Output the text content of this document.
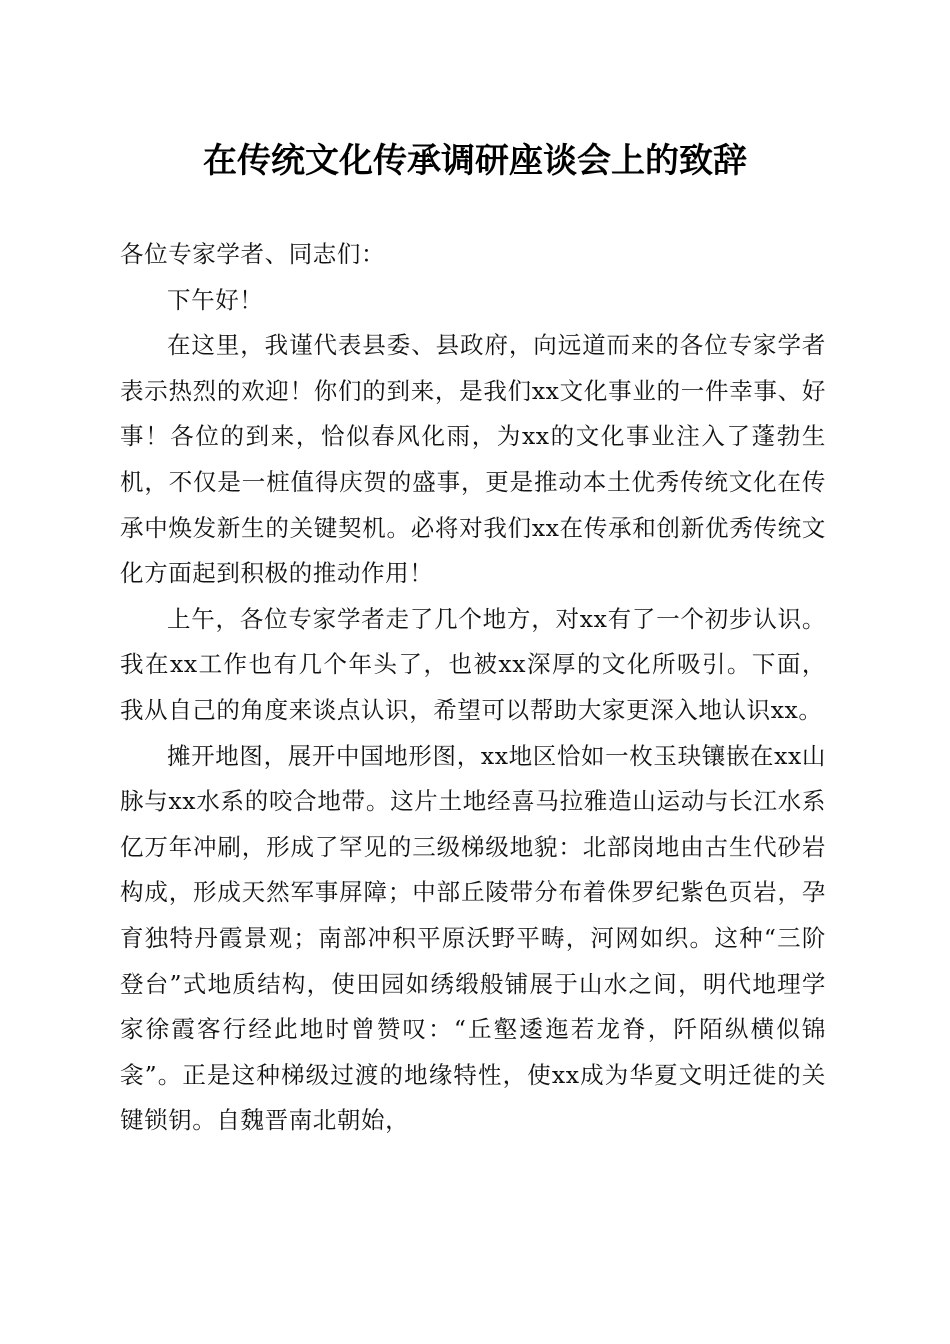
在传统文化传承调研座谈会上的致辞

各位专家学者、同志们：

下午好！

在这里，我谨代表县委、县政府，向远道而来的各位专家学者表示热烈的欢迎！你们的到来，是我们xx文化事业的一件幸事、好事！各位的到来，恰似春风化雨，为xx的文化事业注入了蓬勃生机，不仅是一桩值得庆贺的盛事，更是推动本土优秀传统文化在传承中焕发新生的关键契机。必将对我们xx在传承和创新优秀传统文化方面起到积极的推动作用！

上午，各位专家学者走了几个地方，对xx有了一个初步认识。我在xx工作也有几个年头了，也被xx深厚的文化所吸引。下面，我从自己的角度来谈点认识，希望可以帮助大家更深入地认识xx。

摊开地图，展开中国地形图，xx地区恰如一枚玉玦镶嵌在xx山脉与xx水系的咬合地带。这片土地经喜马拉雅造山运动与长江水系亿万年冲刷，形成了罕见的三级梯级地貌：北部岗地由古生代砂岩构成，形成天然军事屏障；中部丘陵带分布着侏罗纪紫色页岩，孕育独特丹霞景观；南部冲积平原沃野平畴，河网如织。这种“三阶登台”式地质结构，使田园如绣缎般铺展于山水之间，明代地理学家徐霞客行经此地时曾赞叹：“丘壑逶迤若龙脊，阡陌纵横似锦衾”。正是这种梯级过渡的地缘特性，使xx成为华夏文明迁徙的关键锁钥。自魏晋南北朝始，
